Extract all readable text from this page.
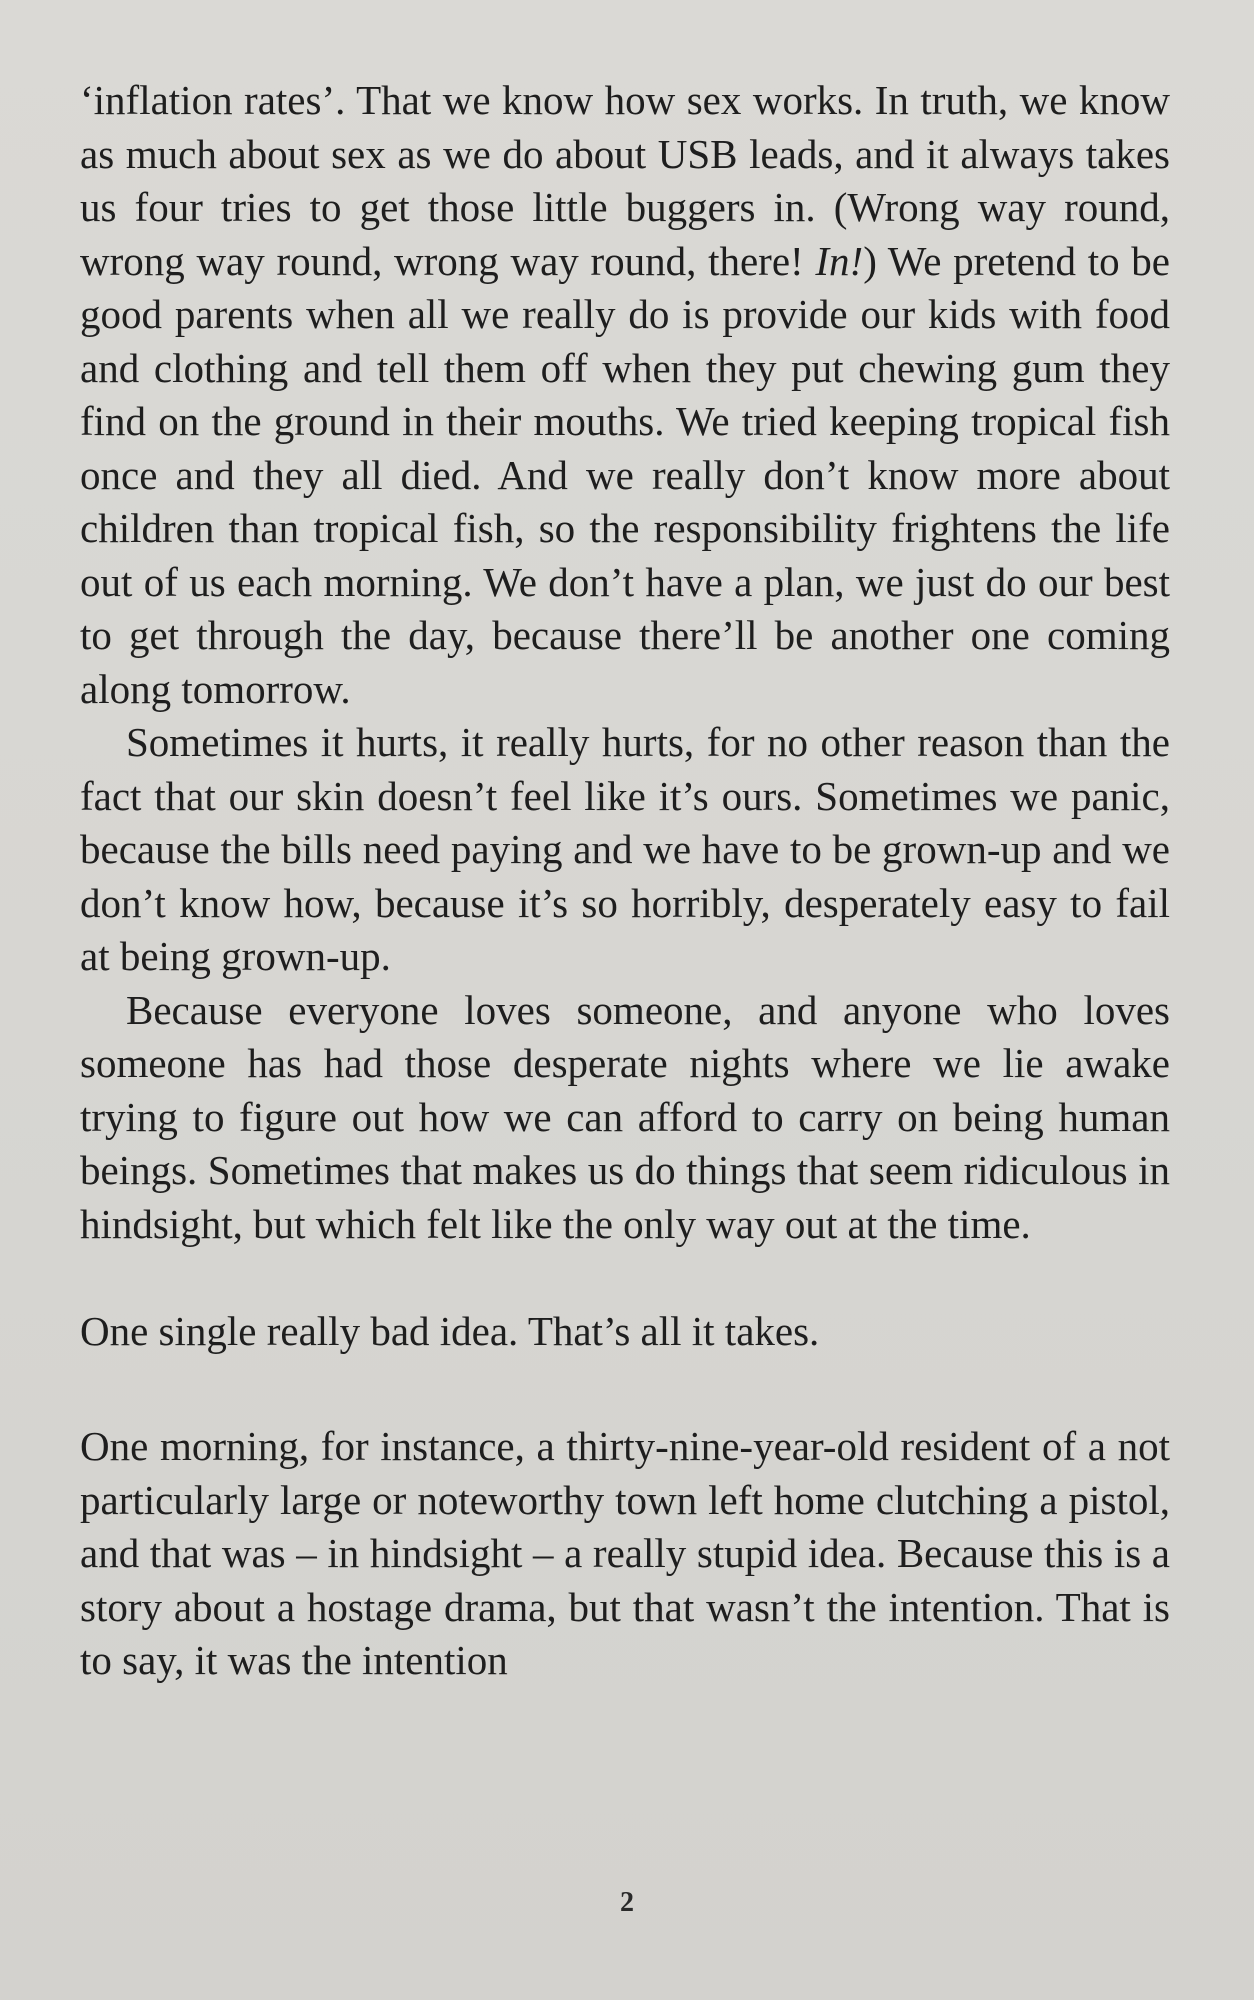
‘inflation rates’. That we know how sex works. In truth, we know as much about sex as we do about USB leads, and it always takes us four tries to get those little buggers in. (Wrong way round, wrong way round, wrong way round, there! In!) We pretend to be good parents when all we really do is provide our kids with food and clothing and tell them off when they put chewing gum they find on the ground in their mouths. We tried keeping tropical fish once and they all died. And we really don’t know more about children than tropical fish, so the responsibility frightens the life out of us each morning. We don’t have a plan, we just do our best to get through the day, because there’ll be another one coming along tomorrow.

Sometimes it hurts, it really hurts, for no other reason than the fact that our skin doesn’t feel like it’s ours. Sometimes we panic, because the bills need paying and we have to be grown-up and we don’t know how, because it’s so horribly, desperately easy to fail at being grown-up.

Because everyone loves someone, and anyone who loves someone has had those desperate nights where we lie awake trying to figure out how we can afford to carry on being human beings. Sometimes that makes us do things that seem ridiculous in hindsight, but which felt like the only way out at the time.

One single really bad idea. That’s all it takes.

One morning, for instance, a thirty-nine-year-old resident of a not particularly large or noteworthy town left home clutching a pistol, and that was – in hindsight – a really stupid idea. Because this is a story about a hostage drama, but that wasn’t the intention. That is to say, it was the intention

2
